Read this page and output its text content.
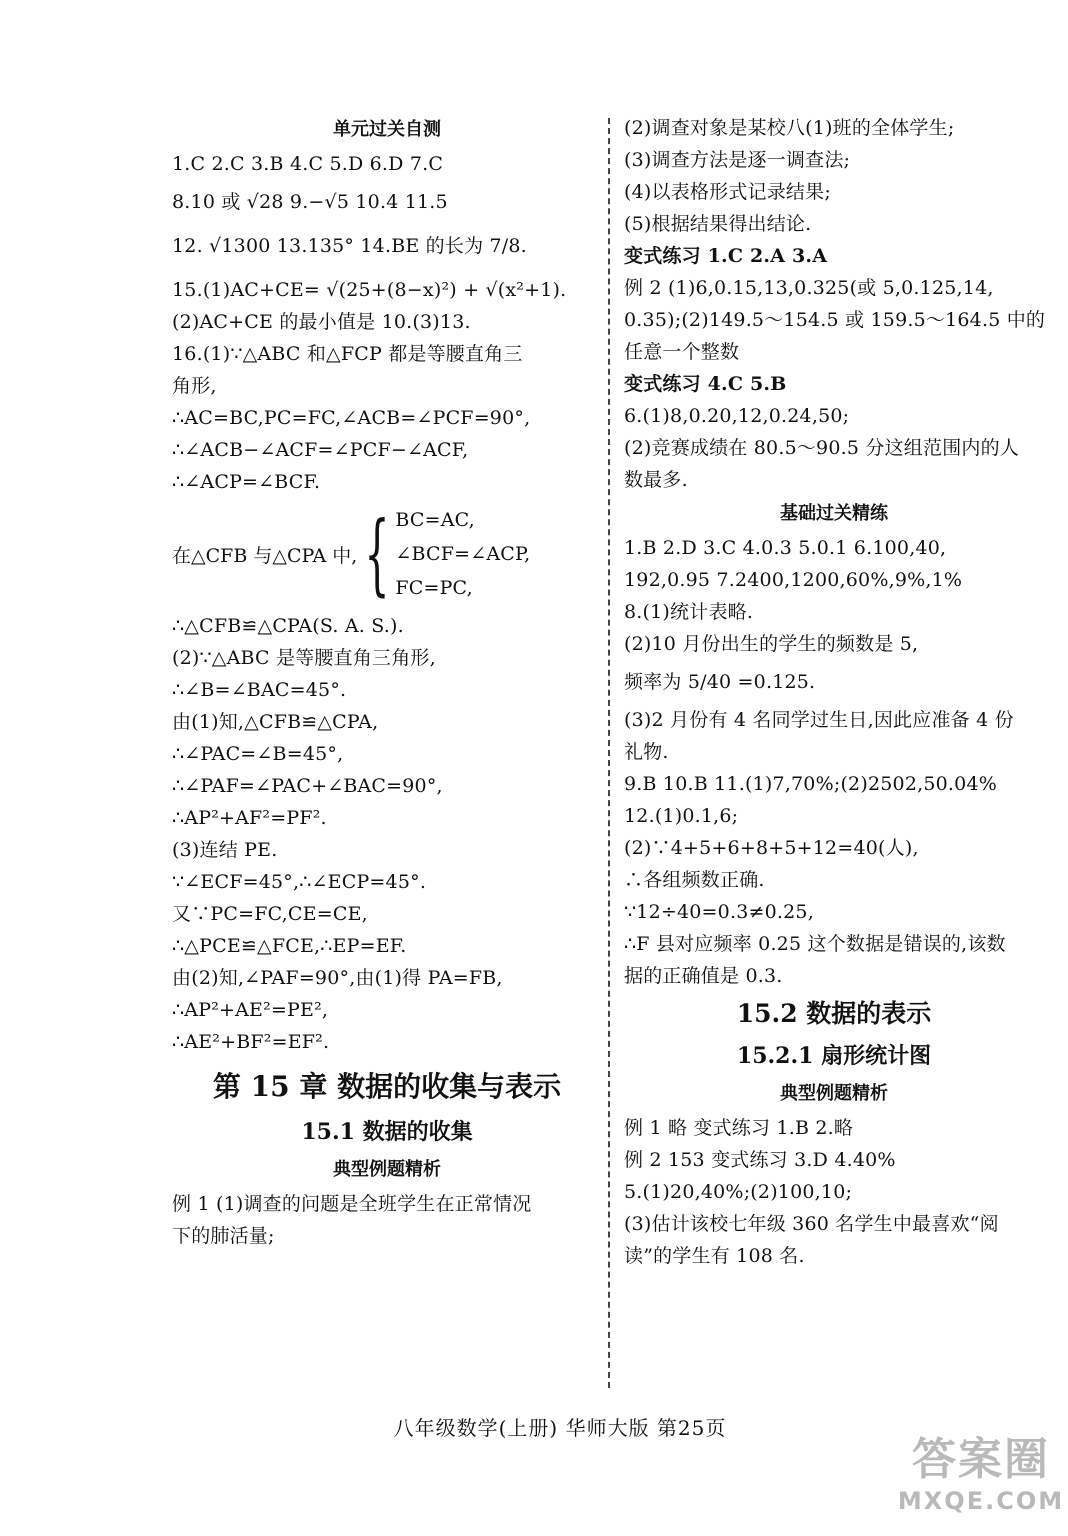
单元过关自测
1.C 2.C 3.B 4.C 5.D 6.D 7.C
8.10 或 √28 9.−√5 10.4 11.5
12. √1300 13.135° 14.BE 的长为 7/8.
15.(1)AC+CE= √(25+(8−x)²) + √(x²+1).
(2)AC+CE 的最小值是 10.(3)13.
16.(1)∵△ABC 和△FCP 都是等腰直角三
角形,
∴AC=BC,PC=FC,∠ACB=∠PCF=90°,
∴∠ACB−∠ACF=∠PCF−∠ACF,
∴∠ACP=∠BCF.
在△CFB 与△CPA 中, { BC=AC,
∠BCF=∠ACP,
FC=PC,
∴△CFB≌△CPA(S. A. S.).
(2)∵△ABC 是等腰直角三角形,
∴∠B=∠BAC=45°.
由(1)知,△CFB≌△CPA,
∴∠PAC=∠B=45°,
∴∠PAF=∠PAC+∠BAC=90°,
∴AP²+AF²=PF².
(3)连结 PE.
∵∠ECF=45°,∴∠ECP=45°.
又∵PC=FC,CE=CE,
∴△PCE≌△FCE,∴EP=EF.
由(2)知,∠PAF=90°,由(1)得 PA=FB,
∴AP²+AE²=PE²,
∴AE²+BF²=EF².
第 15 章 数据的收集与表示
15.1 数据的收集
典型例题精析
例 1 (1)调查的问题是全班学生在正常情况
下的肺活量;
(2)调查对象是某校八(1)班的全体学生;
(3)调查方法是逐一调查法;
(4)以表格形式记录结果;
(5)根据结果得出结论.
变式练习 1.C 2.A 3.A
例 2 (1)6,0.15,13,0.325(或 5,0.125,14,
0.35);(2)149.5～154.5 或 159.5～164.5 中的
任意一个整数
变式练习 4.C 5.B
6.(1)8,0.20,12,0.24,50;
(2)竞赛成绩在 80.5～90.5 分这组范围内的人
数最多.
基础过关精练
1.B 2.D 3.C 4.0.3 5.0.1 6.100,40,
192,0.95 7.2400,1200,60%,9%,1%
8.(1)统计表略.
(2)10 月份出生的学生的频数是 5,
频率为 5/40 =0.125.
(3)2 月份有 4 名同学过生日,因此应准备 4 份
礼物.
9.B 10.B 11.(1)7,70%;(2)2502,50.04%
12.(1)0.1,6;
(2)∵4+5+6+8+5+12=40(人),
∴各组频数正确.
∵12÷40=0.3≠0.25,
∴F 县对应频率 0.25 这个数据是错误的,该数
据的正确值是 0.3.
15.2 数据的表示
15.2.1 扇形统计图
典型例题精析
例 1 略 变式练习 1.B 2.略
例 2 153 变式练习 3.D 4.40%
5.(1)20,40%;(2)100,10;
(3)估计该校七年级 360 名学生中最喜欢“阅
读”的学生有 108 名.
八年级数学(上册) 华师大版 第25页
答案圈
MXQE.COM
